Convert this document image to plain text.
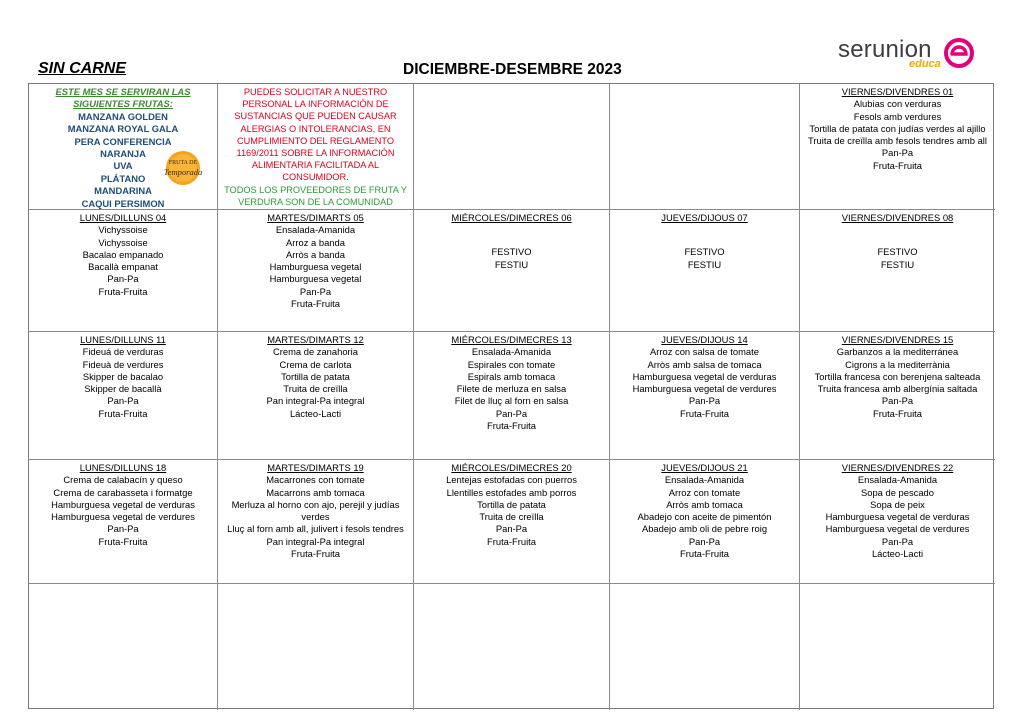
SIN CARNE	DICIEMBRE-DESEMBRE 2023
serunion
educa
ESTE MES SE SERVIRAN LAS
SIGUIENTES FRUTAS:
MANZANA GOLDEN
MANZANA ROYAL GALA
PERA CONFERENCIA
NARANJA
UVA
PLÁTANO
MANDARINA
CAQUI PERSIMON
FRUTA DE
Temporada
PUEDES SOLICITAR A NUESTRO PERSONAL LA INFORMACIÓN DE SUSTANCIAS QUE PUEDEN CAUSAR ALERGIAS O INTOLERANCIAS, EN CUMPLIMIENTO DEL REGLAMENTO 1169/2011 SOBRE LA INFORMACIÓN ALIMENTARIA FACILITADA AL CONSUMIDOR.
TODOS LOS PROVEEDORES DE FRUTA Y VERDURA SON DE LA COMUNIDAD
VIERNES/DIVENDRES 01
Alubias con verduras
Fesols amb verdures
Tortilla de patata con judías verdes al ajillo
Truita de creïlla amb fesols tendres amb all
Pan-Pa
Fruta-Fruita
LUNES/DILLUNS 04
Vichyssoise
Vichyssoise
Bacalao empanado
Bacallà empanat
Pan-Pa
Fruta-Fruita
MARTES/DIMARTS 05
Ensalada-Amanida
Arroz a banda
Arròs a banda
Hamburguesa vegetal
Hamburguesa vegetal
Pan-Pa
Fruta-Fruita
MIÉRCOLES/DIMECRES 06
FESTIVO
FESTIU
JUEVES/DIJOUS 07
FESTIVO
FESTIU
VIERNES/DIVENDRES 08
FESTIVO
FESTIU
LUNES/DILLUNS 11
Fideuá de verduras
Fideuà de verdures
Skipper de bacalao
Skipper de bacallà
Pan-Pa
Fruta-Fruita
MARTES/DIMARTS 12
Crema de zanahoria
Crema de carlota
Tortilla de patata
Truita de creïlla
Pan integral-Pa integral
Lácteo-Lacti
MIÉRCOLES/DIMECRES 13
Ensalada-Amanida
Espirales con tomate
Espirals amb tomaca
Filete de merluza en salsa
Filet de lluç al forn en salsa
Pan-Pa
Fruta-Fruita
JUEVES/DIJOUS 14
Arroz con salsa de tomate
Arròs amb salsa de tomaca
Hamburguesa vegetal de verduras
Hamburguesa vegetal de verdures
Pan-Pa
Fruta-Fruita
VIERNES/DIVENDRES 15
Garbanzos a la mediterránea
Cigrons a la mediterrània
Tortilla francesa con berenjena salteada
Truita francesa amb albergínia saltada
Pan-Pa
Fruta-Fruita
LUNES/DILLUNS 18
Crema de calabacín y queso
Crema de carabasseta i formatge
Hamburguesa vegetal de verduras
Hamburguesa vegetal de verdures
Pan-Pa
Fruta-Fruita
MARTES/DIMARTS 19
Macarrones con tomate
Macarrons amb tomaca
Merluza al horno con ajo, perejil y judías verdes
Lluç al forn amb all, julivert i fesols tendres
Pan integral-Pa integral
Fruta-Fruita
MIÉRCOLES/DIMECRES 20
Lentejas estofadas con puerros
Llentilles estofades amb porros
Tortilla de patata
Truita de creïlla
Pan-Pa
Fruta-Fruita
JUEVES/DIJOUS 21
Ensalada-Amanida
Arroz con tomate
Arròs amb tomaca
Abadejo con aceite de pimentón
Abadejo amb oli de pebre roig
Pan-Pa
Fruta-Fruita
VIERNES/DIVENDRES 22
Ensalada-Amanida
Sopa de pescado
Sopa de peix
Hamburguesa vegetal de verduras
Hamburguesa vegetal de verdures
Pan-Pa
Lácteo-Lacti
